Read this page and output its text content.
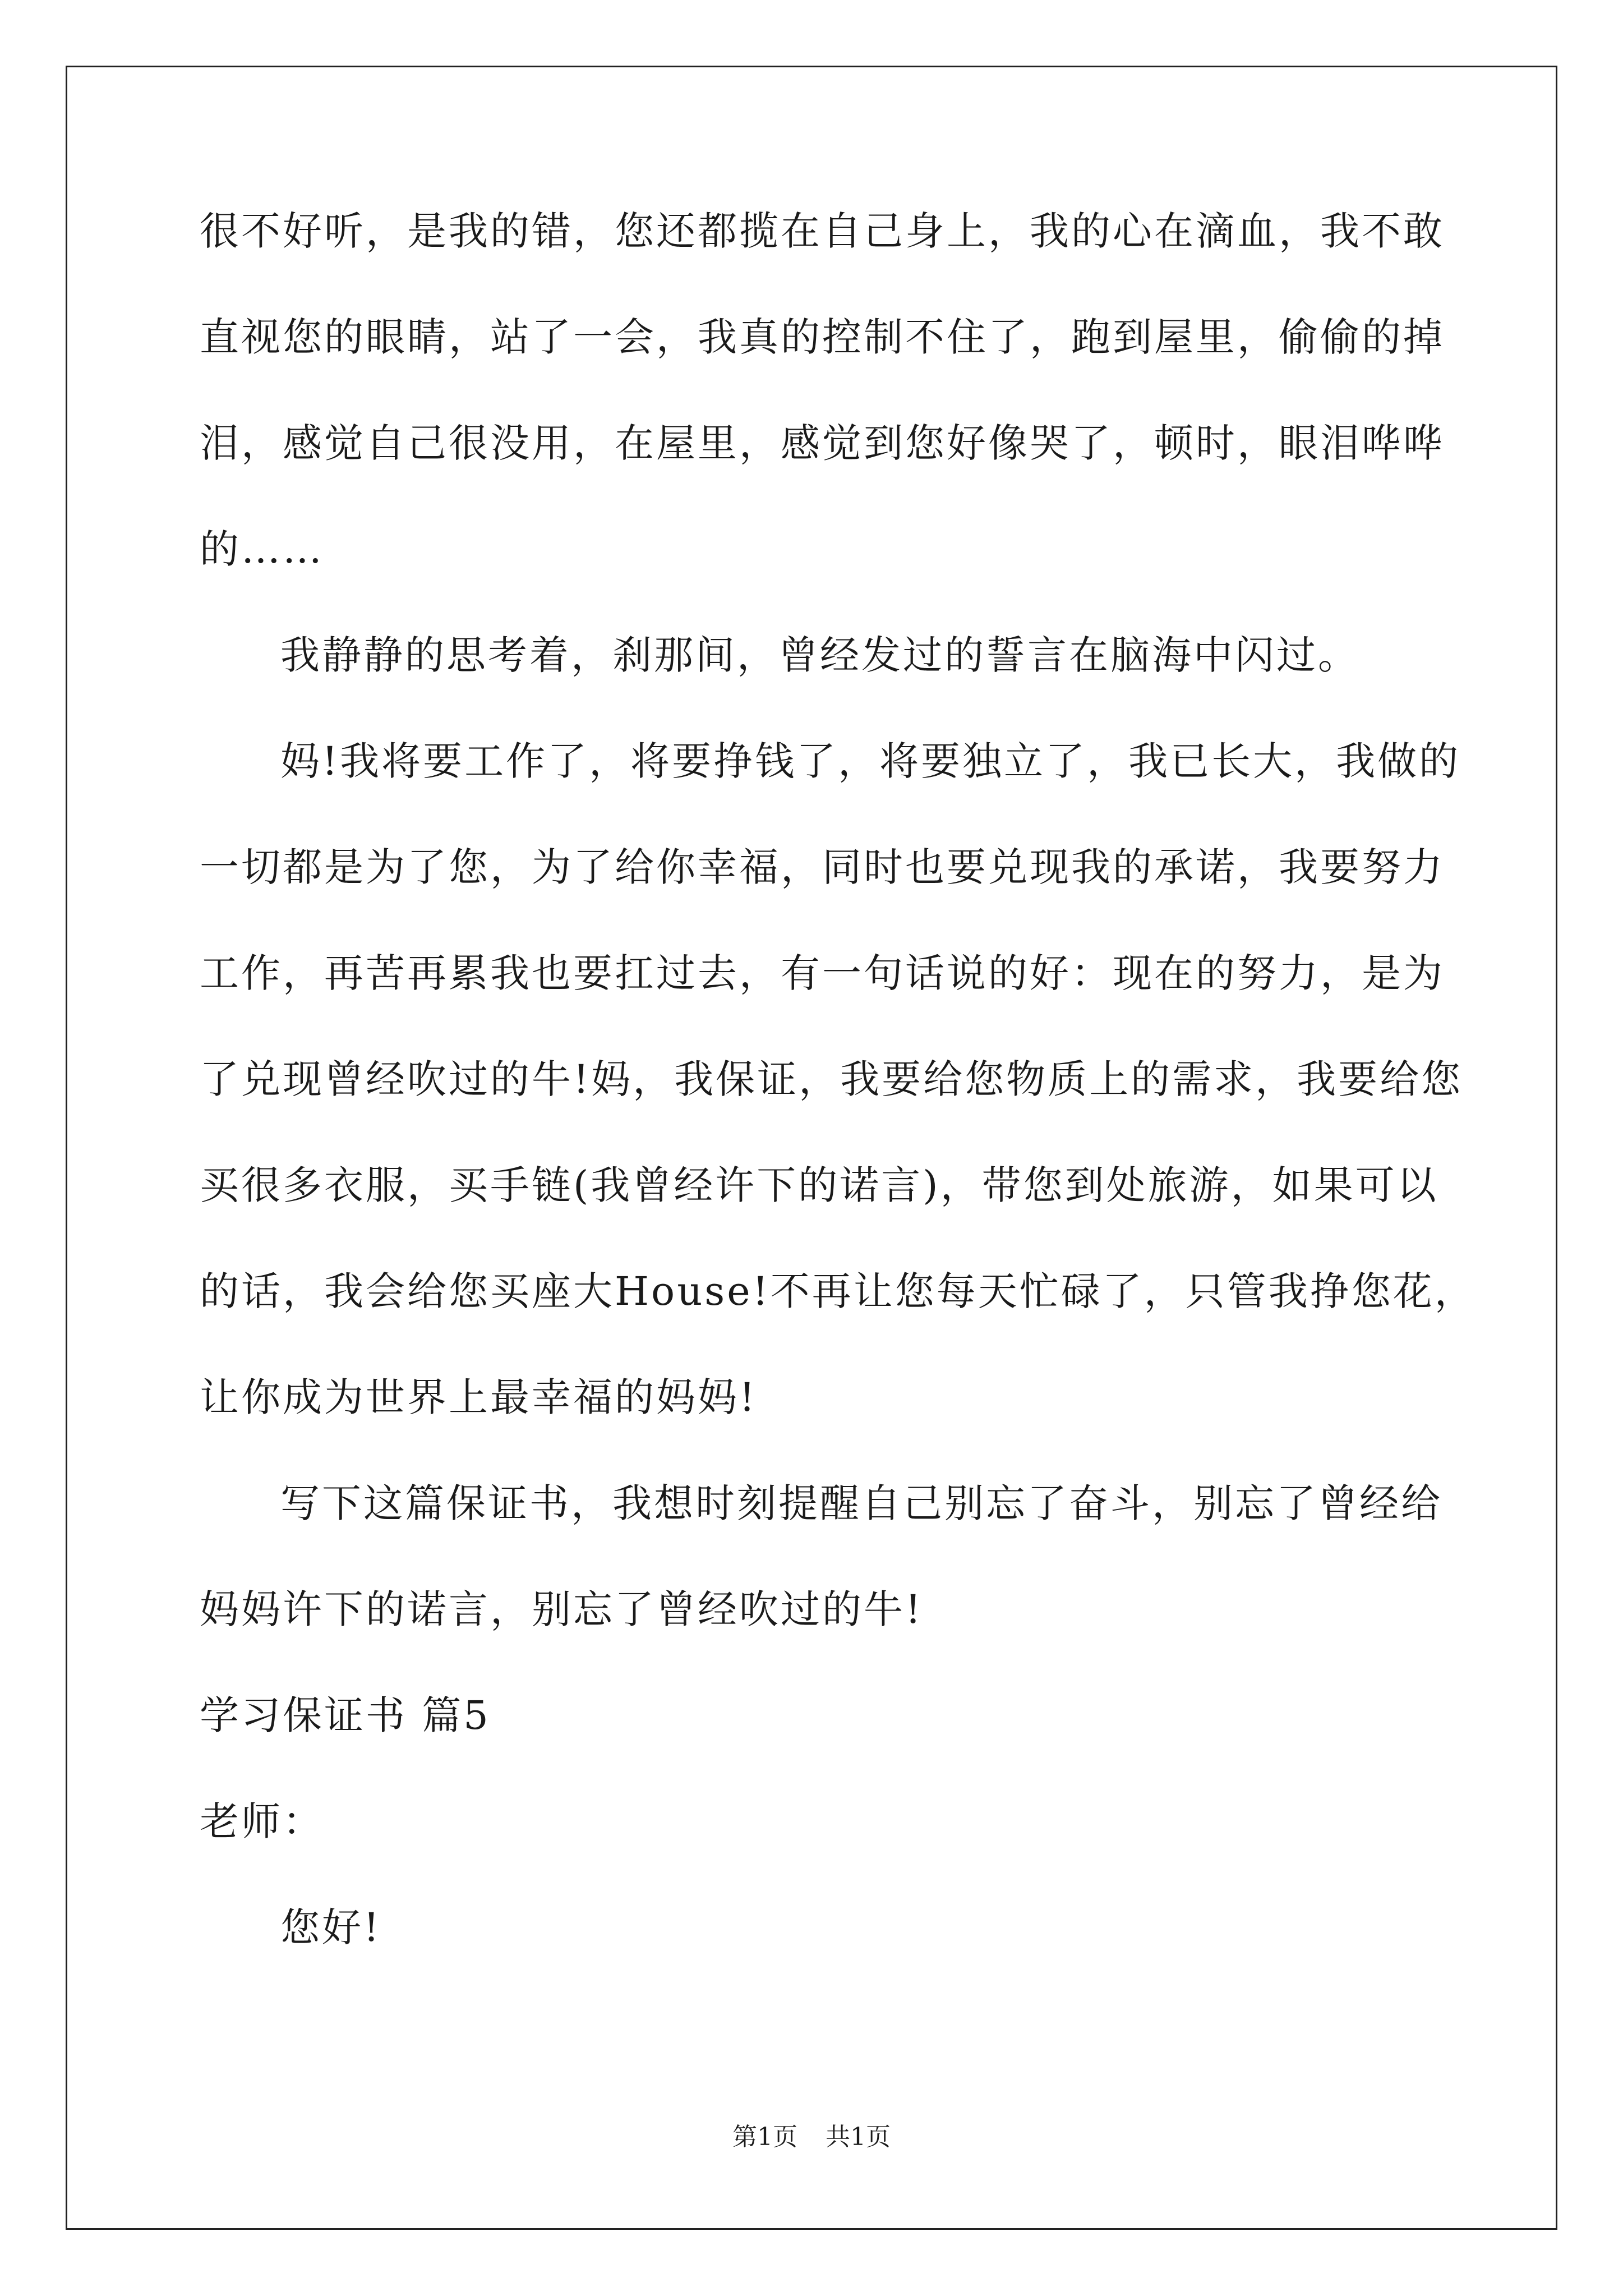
很不好听，是我的错，您还都揽在自己身上，我的心在滴血，我不敢
直视您的眼睛，站了一会，我真的控制不住了，跑到屋里，偷偷的掉
泪，感觉自己很没用，在屋里，感觉到您好像哭了，顿时，眼泪哗哗
的……
我静静的思考着，刹那间，曾经发过的誓言在脑海中闪过。
妈!我将要工作了，将要挣钱了，将要独立了，我已长大，我做的
一切都是为了您，为了给你幸福，同时也要兑现我的承诺，我要努力
工作，再苦再累我也要扛过去，有一句话说的好：现在的努力，是为
了兑现曾经吹过的牛!妈，我保证，我要给您物质上的需求，我要给您
买很多衣服，买手链(我曾经许下的诺言)，带您到处旅游，如果可以
的话，我会给您买座大House!不再让您每天忙碌了，只管我挣您花，
让你成为世界上最幸福的妈妈!
写下这篇保证书，我想时刻提醒自己别忘了奋斗，别忘了曾经给
妈妈许下的诺言，别忘了曾经吹过的牛!
学习保证书 篇5
老师：
您好!
第1页 共1页
